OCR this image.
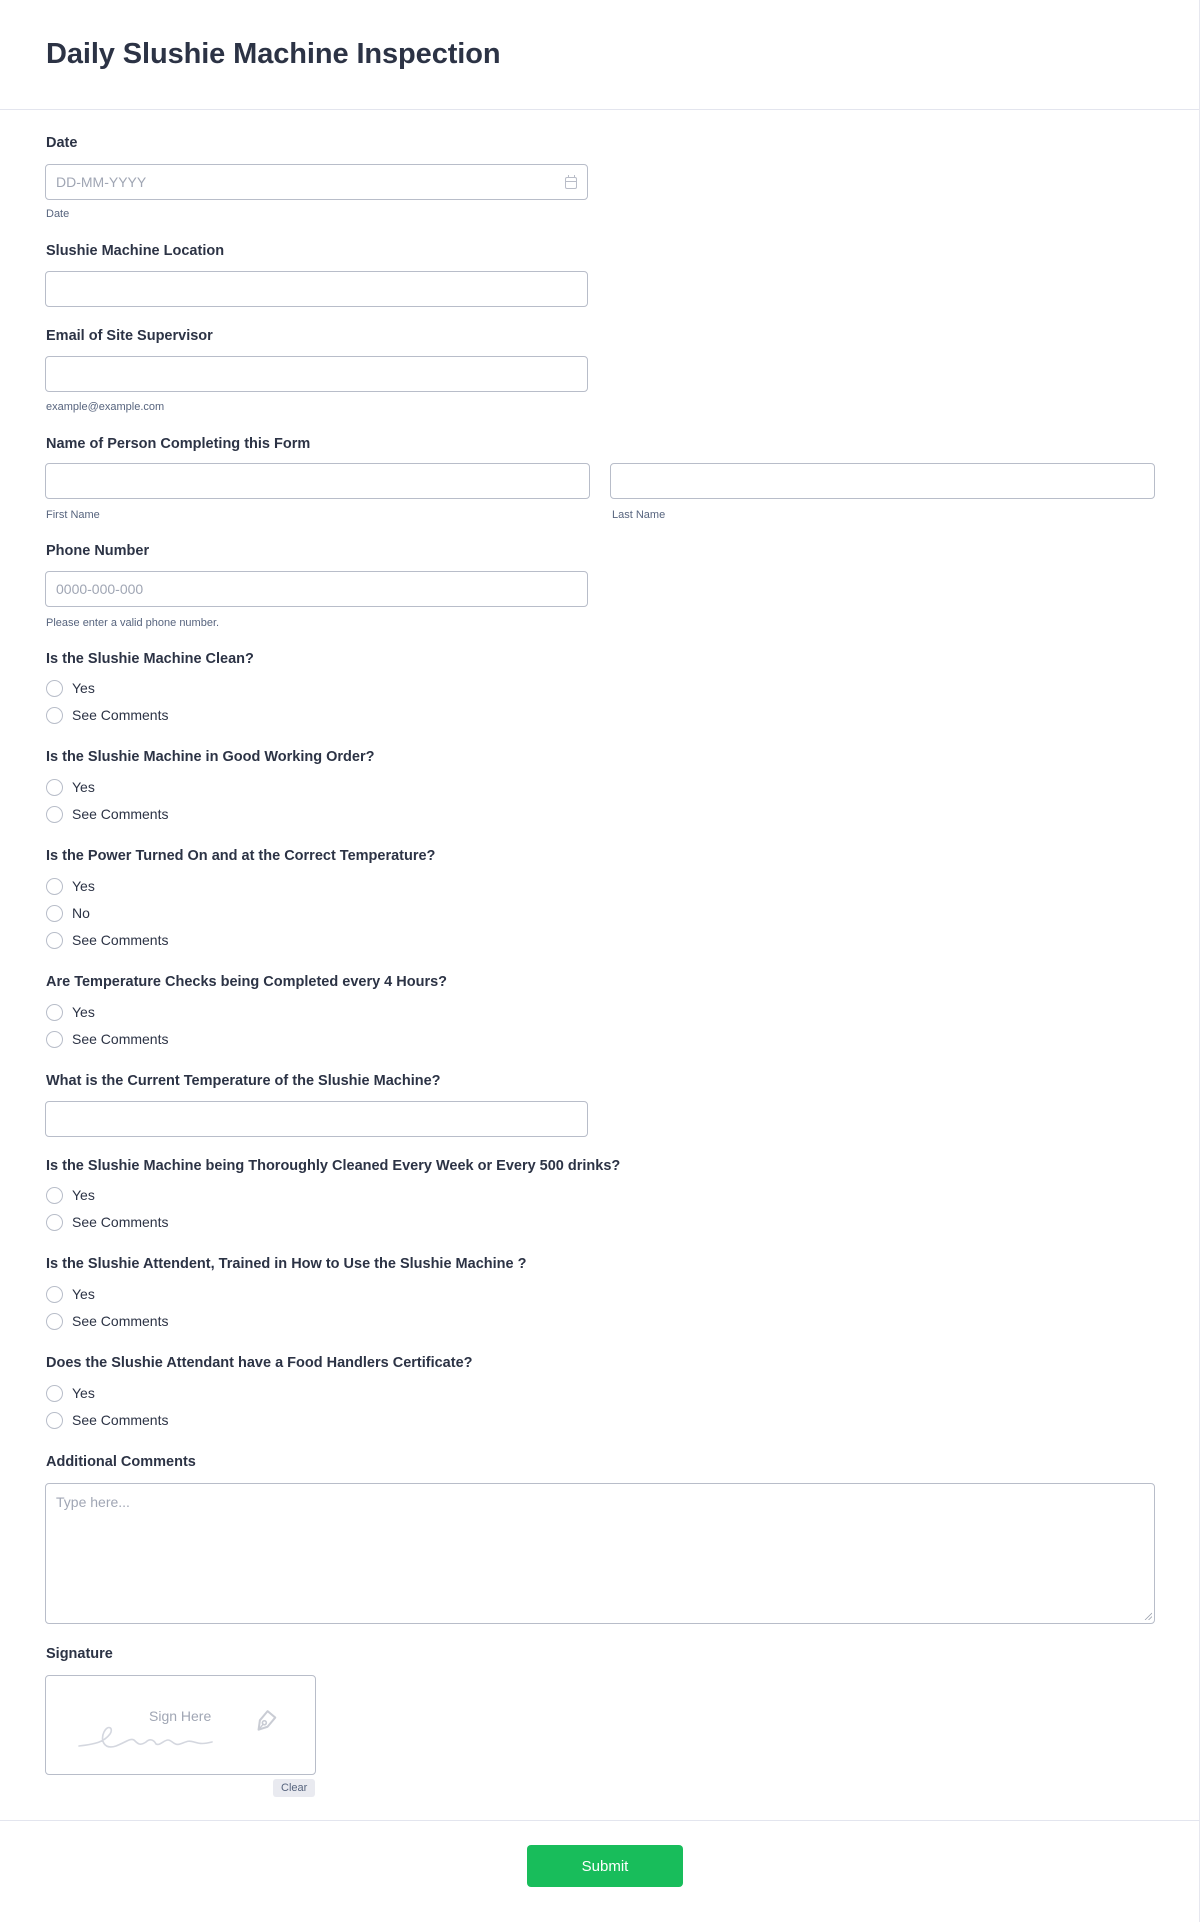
Daily Slushie Machine Inspection
Date
DD-MM-YYYY
Date
Slushie Machine Location
Email of Site Supervisor
example@example.com
Name of Person Completing this Form
First Name	Last Name
Phone Number
0000-000-000
Please enter a valid phone number.
Is the Slushie Machine Clean?
Yes
See Comments
Is the Slushie Machine in Good Working Order?
Yes
See Comments
Is the Power Turned On and at the Correct Temperature?
Yes
No
See Comments
Are Temperature Checks being Completed every 4 Hours?
Yes
See Comments
What is the Current Temperature of the Slushie Machine?
Is the Slushie Machine being Thoroughly Cleaned Every Week or Every 500 drinks?
Yes
See Comments
Is the Slushie Attendent, Trained in How to Use the Slushie Machine ?
Yes
See Comments
Does the Slushie Attendant have a Food Handlers Certificate?
Yes
See Comments
Additional Comments
Type here...
Signature
Sign Here
Clear
Submit
